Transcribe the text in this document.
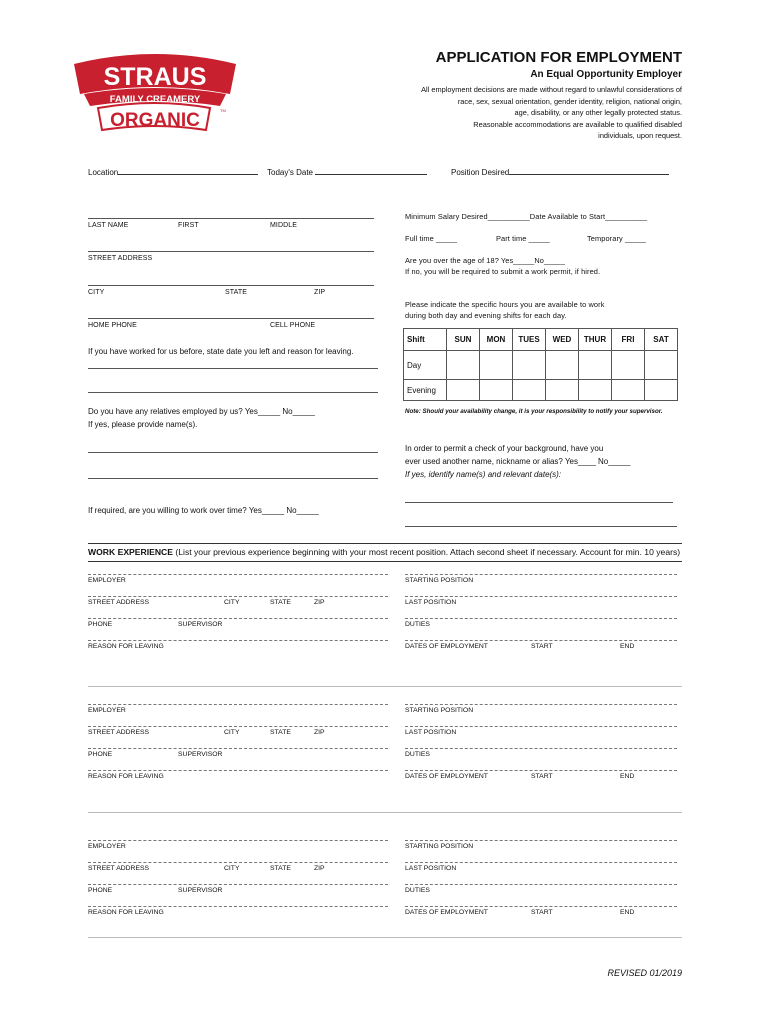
STRAUS
FAMILY CREAMERY
ORGANIC	TM
APPLICATION FOR EMPLOYMENT
An Equal Opportunity Employer
All employment decisions are made without regard to unlawful considerations of
race, sex, sexual orientation, gender identity, religion, national origin,
age, disability, or any other legally protected status.
Reasonable accommodations are available to qualified disabled
individuals, upon request.
Location	Today's Date	Position Desired
LAST NAME	FIRST	MIDDLE
STREET ADDRESS
CITY	STATE	ZIP
HOME PHONE	CELL PHONE
If you have worked for us before, state date you left and reason for leaving.
Do you have any relatives employed by us? Yes_____ No_____
If yes, please provide name(s).
If required, are you willing to work over time? Yes_____ No_____
Minimum Salary Desired__________Date Available to Start__________
Full time _____	Part time _____	Temporary _____
Are you over the age of 18? Yes_____No_____
If no, you will be required to submit a work permit, if hired.
Please indicate the specific hours you are available to work
during both day and evening shifts for each day.
Shift	SUN	MON	TUES	WED	THUR	FRI	SAT
Day							
Evening							
Note: Should your availability change, it is your responsibility to notify your supervisor.
In order to permit a check of your background, have you
ever used another name, nickname or alias? Yes____ No_____
If yes, identify name(s) and relevant date(s):
WORK EXPERIENCE (List your previous experience beginning with your most recent position. Attach second sheet if necessary. Account for min. 10 years)
EMPLOYER
STREET ADDRESS	CITY	STATE	ZIP
PHONE	SUPERVISOR
REASON FOR LEAVING
STARTING POSITION
LAST POSITION
DUTIES
DATES OF EMPLOYMENT	START	END
EMPLOYER
STREET ADDRESS	CITY	STATE	ZIP
PHONE	SUPERVISOR
REASON FOR LEAVING
STARTING POSITION
LAST POSITION
DUTIES
DATES OF EMPLOYMENT	START	END
EMPLOYER
STREET ADDRESS	CITY	STATE	ZIP
PHONE	SUPERVISOR
REASON FOR LEAVING
STARTING POSITION
LAST POSITION
DUTIES
DATES OF EMPLOYMENT	START	END
REVISED 01/2019
